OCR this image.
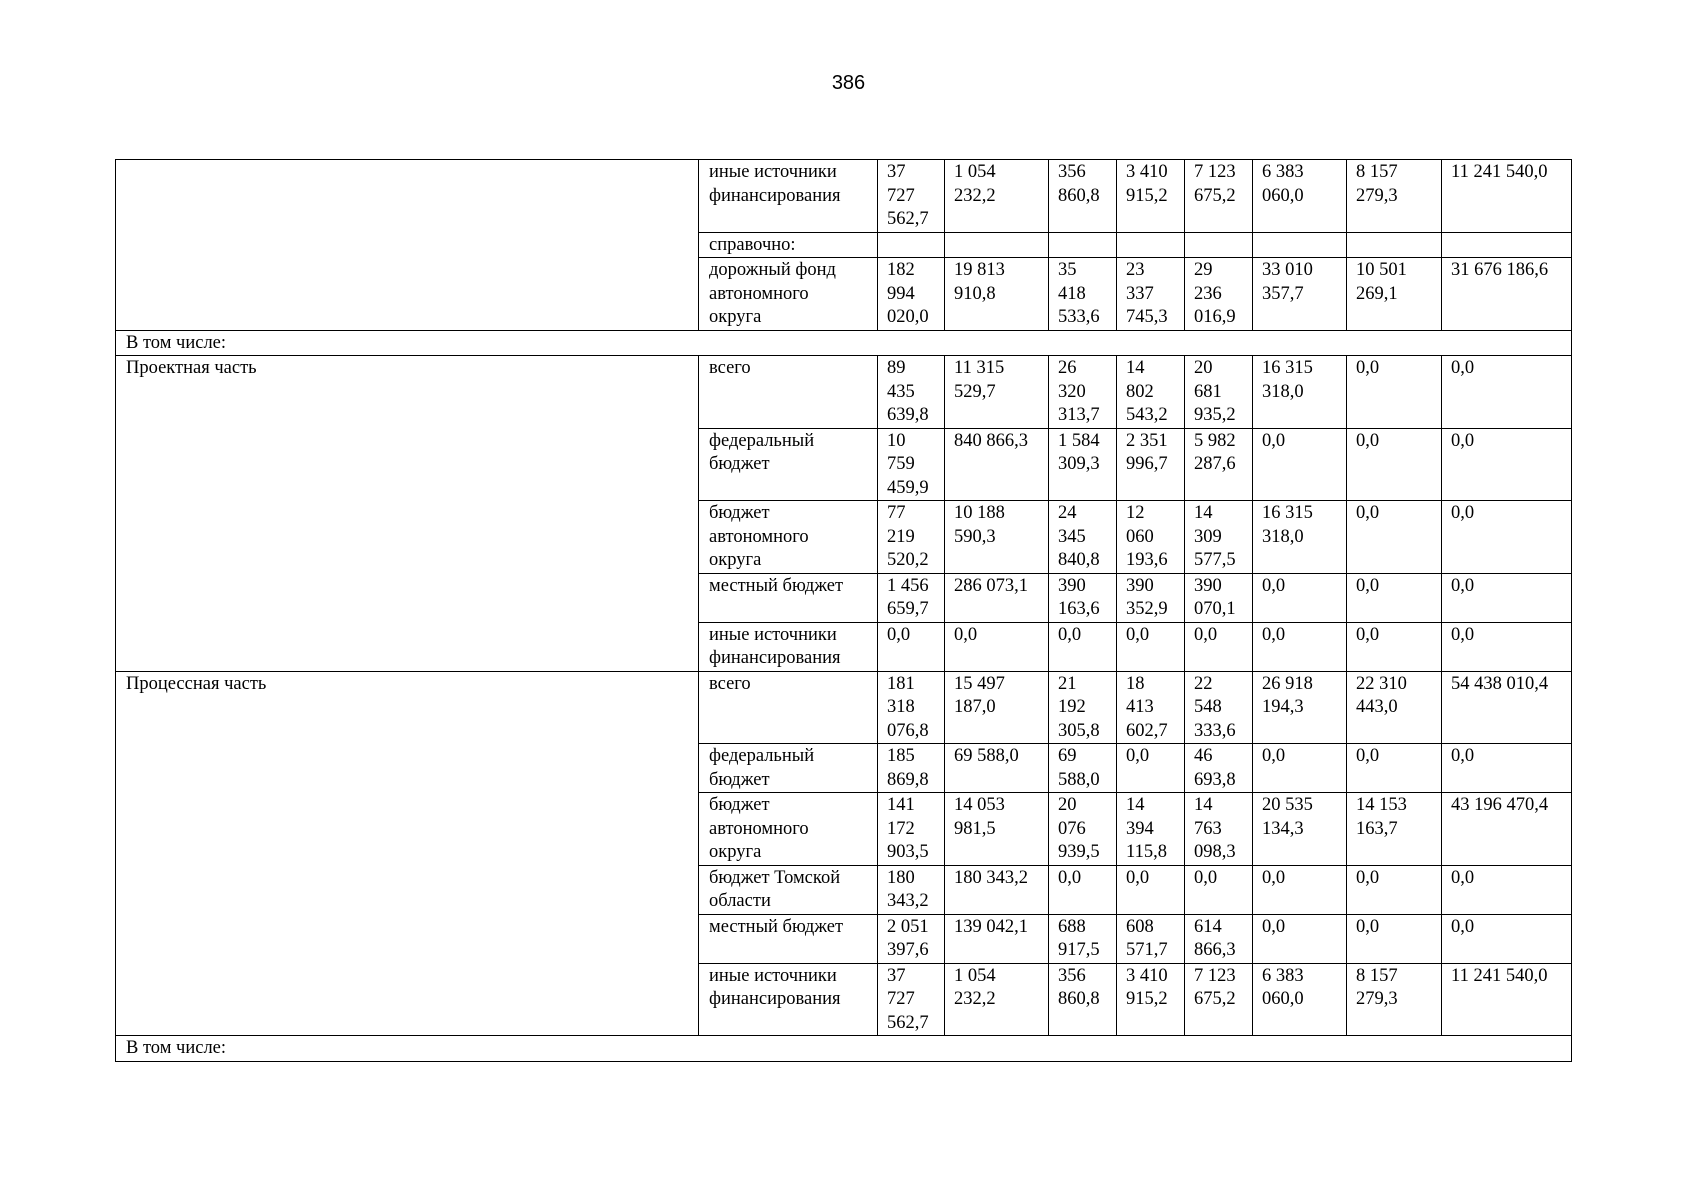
386
	иные источники
финансирования	37
727
562,7	1 054
232,2	356
860,8	3 410
915,2	7 123
675,2	6 383
060,0	8 157
279,3	11 241 540,0
	справочно:								
	дорожный фонд
автономного
округа	182
994
020,0	19 813
910,8	35
418
533,6	23
337
745,3	29
236
016,9	33 010
357,7	10 501
269,1	31 676 186,6
В том числе:									
Проектная часть	всего	89
435
639,8	11 315
529,7	26
320
313,7	14
802
543,2	20
681
935,2	16 315
318,0	0,0	0,0
	федеральный
бюджет	10
759
459,9	840 866,3	1 584
309,3	2 351
996,7	5 982
287,6	0,0	0,0	0,0
	бюджет
автономного
округа	77
219
520,2	10 188
590,3	24
345
840,8	12
060
193,6	14
309
577,5	16 315
318,0	0,0	0,0
	местный бюджет	1 456
659,7	286 073,1	390
163,6	390
352,9	390
070,1	0,0	0,0	0,0
	иные источники
финансирования	0,0	0,0	0,0	0,0	0,0	0,0	0,0	0,0
Процессная часть	всего	181
318
076,8	15 497
187,0	21
192
305,8	18
413
602,7	22
548
333,6	26 918
194,3	22 310
443,0	54 438 010,4
	федеральный
бюджет	185
869,8	69 588,0	69
588,0	0,0	46
693,8	0,0	0,0	0,0
	бюджет
автономного
округа	141
172
903,5	14 053
981,5	20
076
939,5	14
394
115,8	14
763
098,3	20 535
134,3	14 153
163,7	43 196 470,4
	бюджет Томской
области	180
343,2	180 343,2	0,0	0,0	0,0	0,0	0,0	0,0
	местный бюджет	2 051
397,6	139 042,1	688
917,5	608
571,7	614
866,3	0,0	0,0	0,0
	иные источники
финансирования	37
727
562,7	1 054
232,2	356
860,8	3 410
915,2	7 123
675,2	6 383
060,0	8 157
279,3	11 241 540,0
В том числе:									
